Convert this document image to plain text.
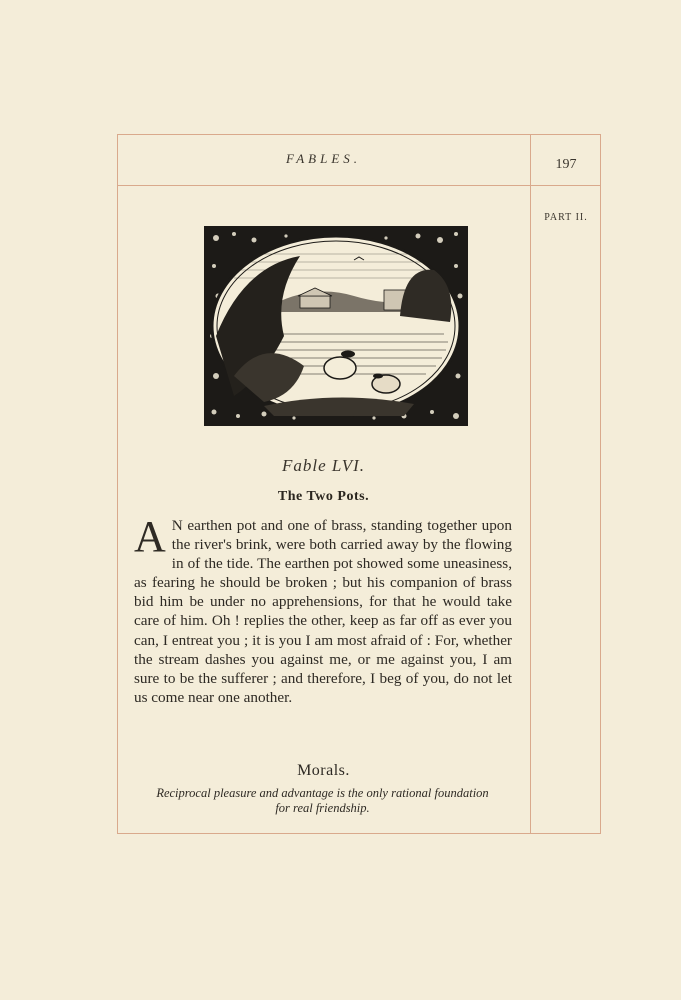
FABLES.	197
PART II.
Fable LVI.
The Two Pots.
A N earthen pot and one of brass, standing together upon the river's brink, were both carried away by the flowing in of the tide. The earthen pot showed some uneasiness, as fearing he should be broken ; but his companion of brass bid him be under no apprehensions, for that he would take care of him. Oh ! replies the other, keep as far off as ever you can, I entreat you ; it is you I am most afraid of : For, whether the stream dashes you against me, or me against you, I am sure to be the sufferer ; and therefore, I beg of you, do not let us come near one another.
Morals.
Reciprocal pleasure and advantage is the only rational foundation for real friendship.
